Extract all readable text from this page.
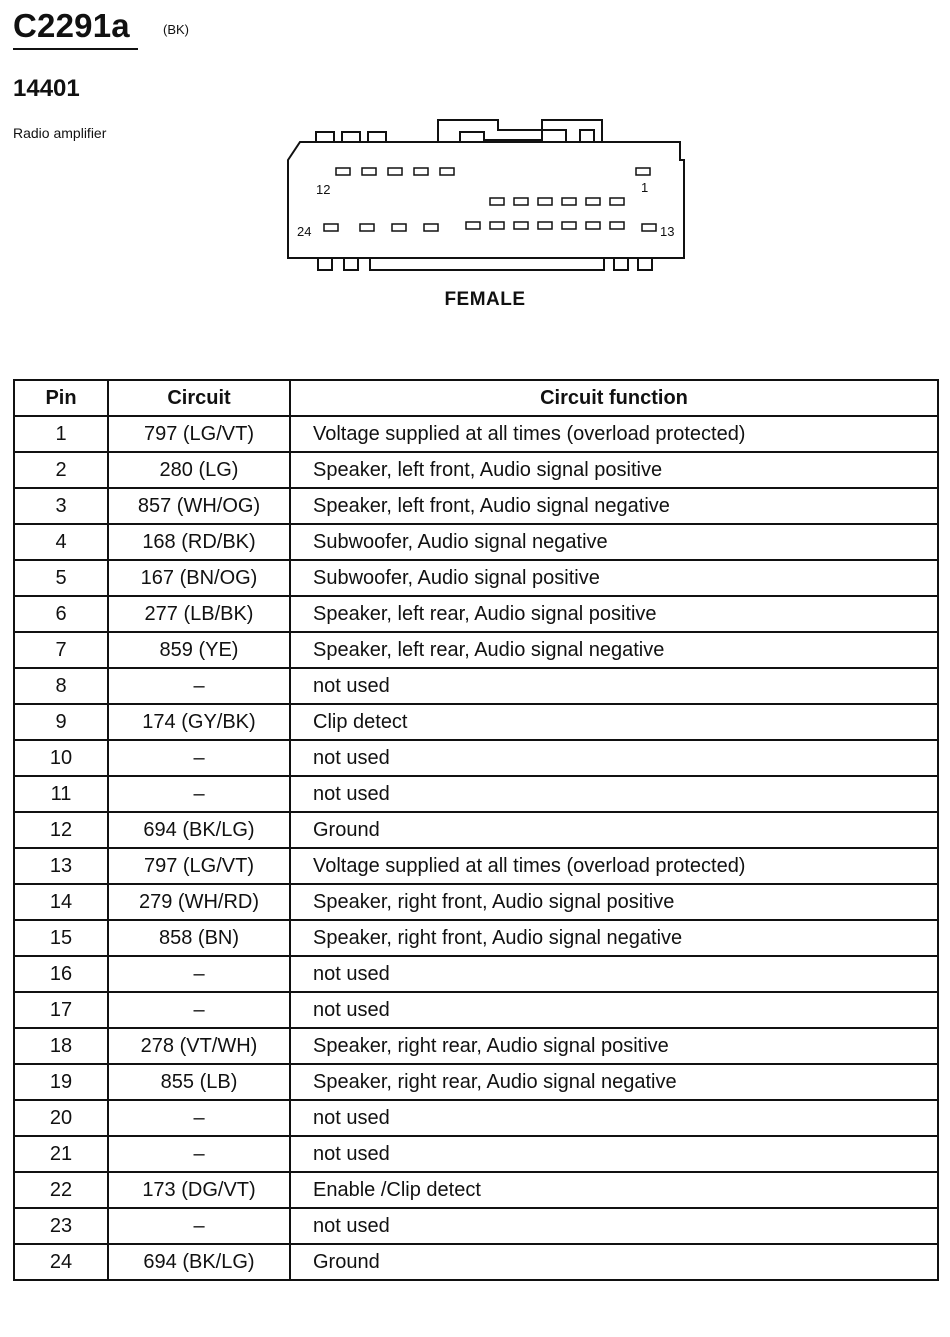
C2291a	(BK)
14401
Radio amplifier
12	1
24	13
FEMALE
Pin	Circuit	Circuit function
1	797 (LG/VT)	Voltage supplied at all times (overload protected)
2	280 (LG)	Speaker, left front, Audio signal positive
3	857 (WH/OG)	Speaker, left front, Audio signal negative
4	168 (RD/BK)	Subwoofer, Audio signal negative
5	167 (BN/OG)	Subwoofer, Audio signal positive
6	277 (LB/BK)	Speaker, left rear, Audio signal positive
7	859 (YE)	Speaker, left rear, Audio signal negative
8	–	not used
9	174 (GY/BK)	Clip detect
10	–	not used
11	–	not used
12	694 (BK/LG)	Ground
13	797 (LG/VT)	Voltage supplied at all times (overload protected)
14	279 (WH/RD)	Speaker, right front, Audio signal positive
15	858 (BN)	Speaker, right front, Audio signal negative
16	–	not used
17	–	not used
18	278 (VT/WH)	Speaker, right rear, Audio signal positive
19	855 (LB)	Speaker, right rear, Audio signal negative
20	–	not used
21	–	not used
22	173 (DG/VT)	Enable /Clip detect
23	–	not used
24	694 (BK/LG)	Ground
